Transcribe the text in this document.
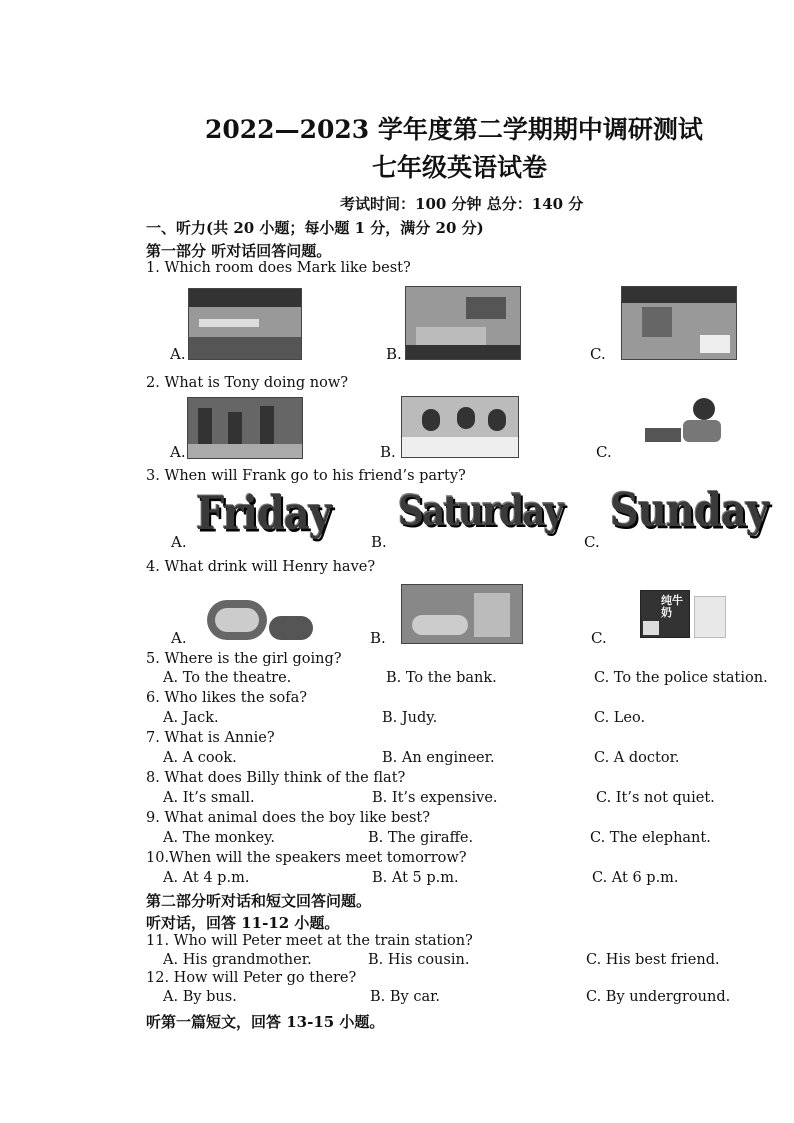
2022—2023 学年度第二学期期中调研测试
七年级英语试卷
考试时间：100 分钟 总分：140 分
一、听力(共 20 小题；每小题 1 分，满分 20 分)
第一部分 听对话回答问题。
1. Which room does Mark like best?
A.	B.	C.
2. What is Tony doing now?
A.	B.	C.
3. When will Frank go to his friend’s party?
Friday
A.
Saturday
B.
Sunday
C.
4. What drink will Henry have?
A.	B.
纯牛奶
C.
5. Where is the girl going?
A. To the theatre.	B. To the bank.	C. To the police station.
6. Who likes the sofa?
A. Jack.	B. Judy.	C. Leo.
7. What is Annie?
A. A cook.	B. An engineer.	C. A doctor.
8. What does Billy think of the flat?
A. It’s small.	B. It’s expensive.	C. It’s not quiet.
9. What animal does the boy like best?
A. The monkey.	B. The giraffe.	C. The elephant.
10.When will the speakers meet tomorrow?
A. At 4 p.m.	B. At 5 p.m.	C. At 6 p.m.
第二部分听对话和短文回答问题。
听对话，回答 11-12 小题。
11. Who will Peter meet at the train station?
A. His grandmother.	B. His cousin.	C. His best friend.
12. How will Peter go there?
A. By bus.	B. By car.	C. By underground.
听第一篇短文，回答 13-15 小题。
